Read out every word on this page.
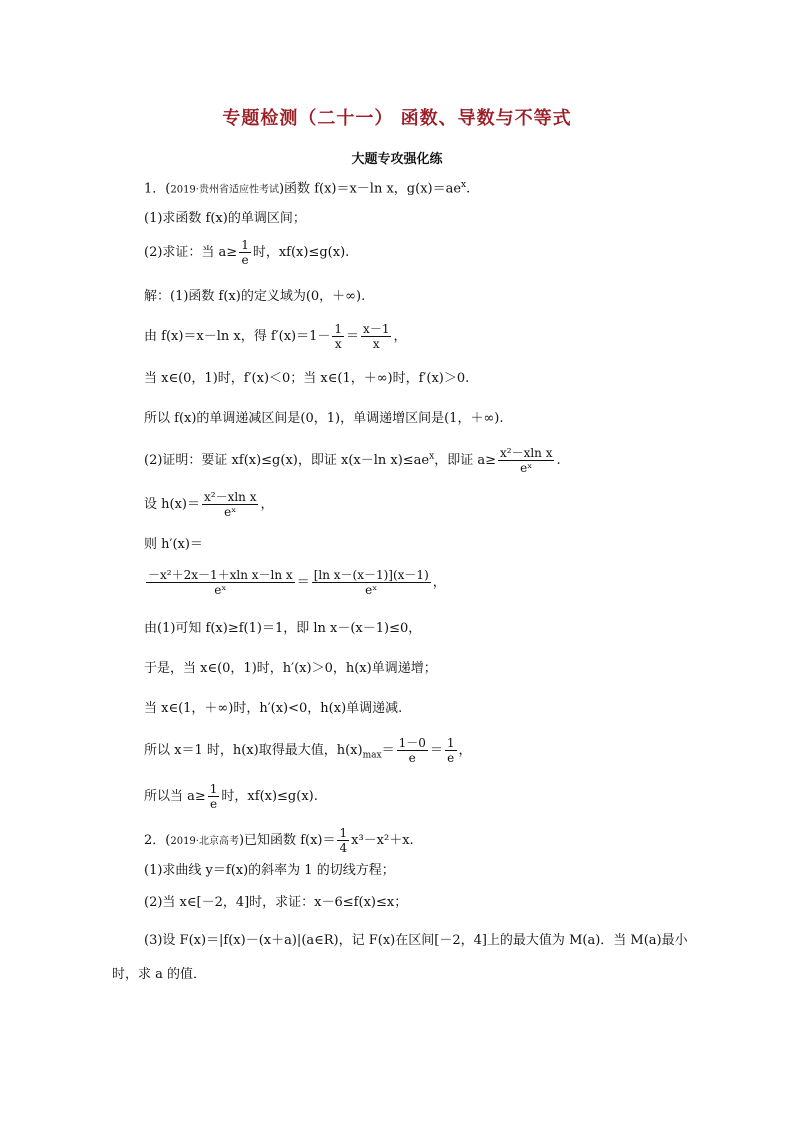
专题检测（二十一） 函数、导数与不等式
大题专攻强化练
1．(2019·贵州省适应性考试)函数 f(x)＝x－ln x，$g(x)=ae^x$.
(1)求函数 f(x)的单调区间；
(2)求证：当 $a\ge \frac{1}{e}$ 时，xf(x)≤g(x).
解：(1)函数 f(x)的定义域为(0，＋∞).
由 f(x)＝x－ln x，得 $f'(x)=1- \frac{1}{x} = \frac{x-1}{x}$ ，
当 x∈(0，1)时，f′(x)＜0；当 x∈(1，＋∞)时，f′(x)＞0.
所以 f(x)的单调递减区间是(0，1)，单调递增区间是(1，＋∞).
(2)证明：要证 xf(x)≤g(x)，即证 x(x－ln $x)\le ae^x$，即证 $a\ge \frac{\text{x²－xln x}}{\text{eˣ}}$ .
设 $h(x)= \frac{\text{x²－xln x}}{\text{eˣ}}$ ，
则 h′(x)＝
$\frac{\text{－x²＋2x－1＋xln x－ln x}}{\text{eˣ}} = \frac{\text{[ln x－(x－1)](x－1)}}{\text{eˣ}}$ ，
由(1)可知 f(x)≥f(1)＝1，即 ln x－(x－1)≤0，
于是，当 x∈(0，1)时，h′(x)＞0，h(x)单调递增；
当 x∈(1，＋∞)时，h′(x)<0，h(x)单调递减.
所以 x＝1 时，h(x)取得最大值，$h(x)_{max}= \frac{1-0}{e} = \frac{1}{e}$ ，
所以当 $a\ge \frac{1}{e}$ 时，xf(x)≤g(x).
2．(2019·北京高考)已知函数 $f(x)= \frac{1}{4} x^3-x^2+x$.
(1)求曲线 y＝f(x)的斜率为 1 的切线方程；
(2)当 x∈[－2，4]时，求证：x－6≤f(x)≤x；
(3)设 F(x)＝|f(x)－(x＋a)|(a∈R)，记 F(x)在区间[－2，4]上的最大值为 M(a)．当 M(a)最小
时，求 a 的值．
